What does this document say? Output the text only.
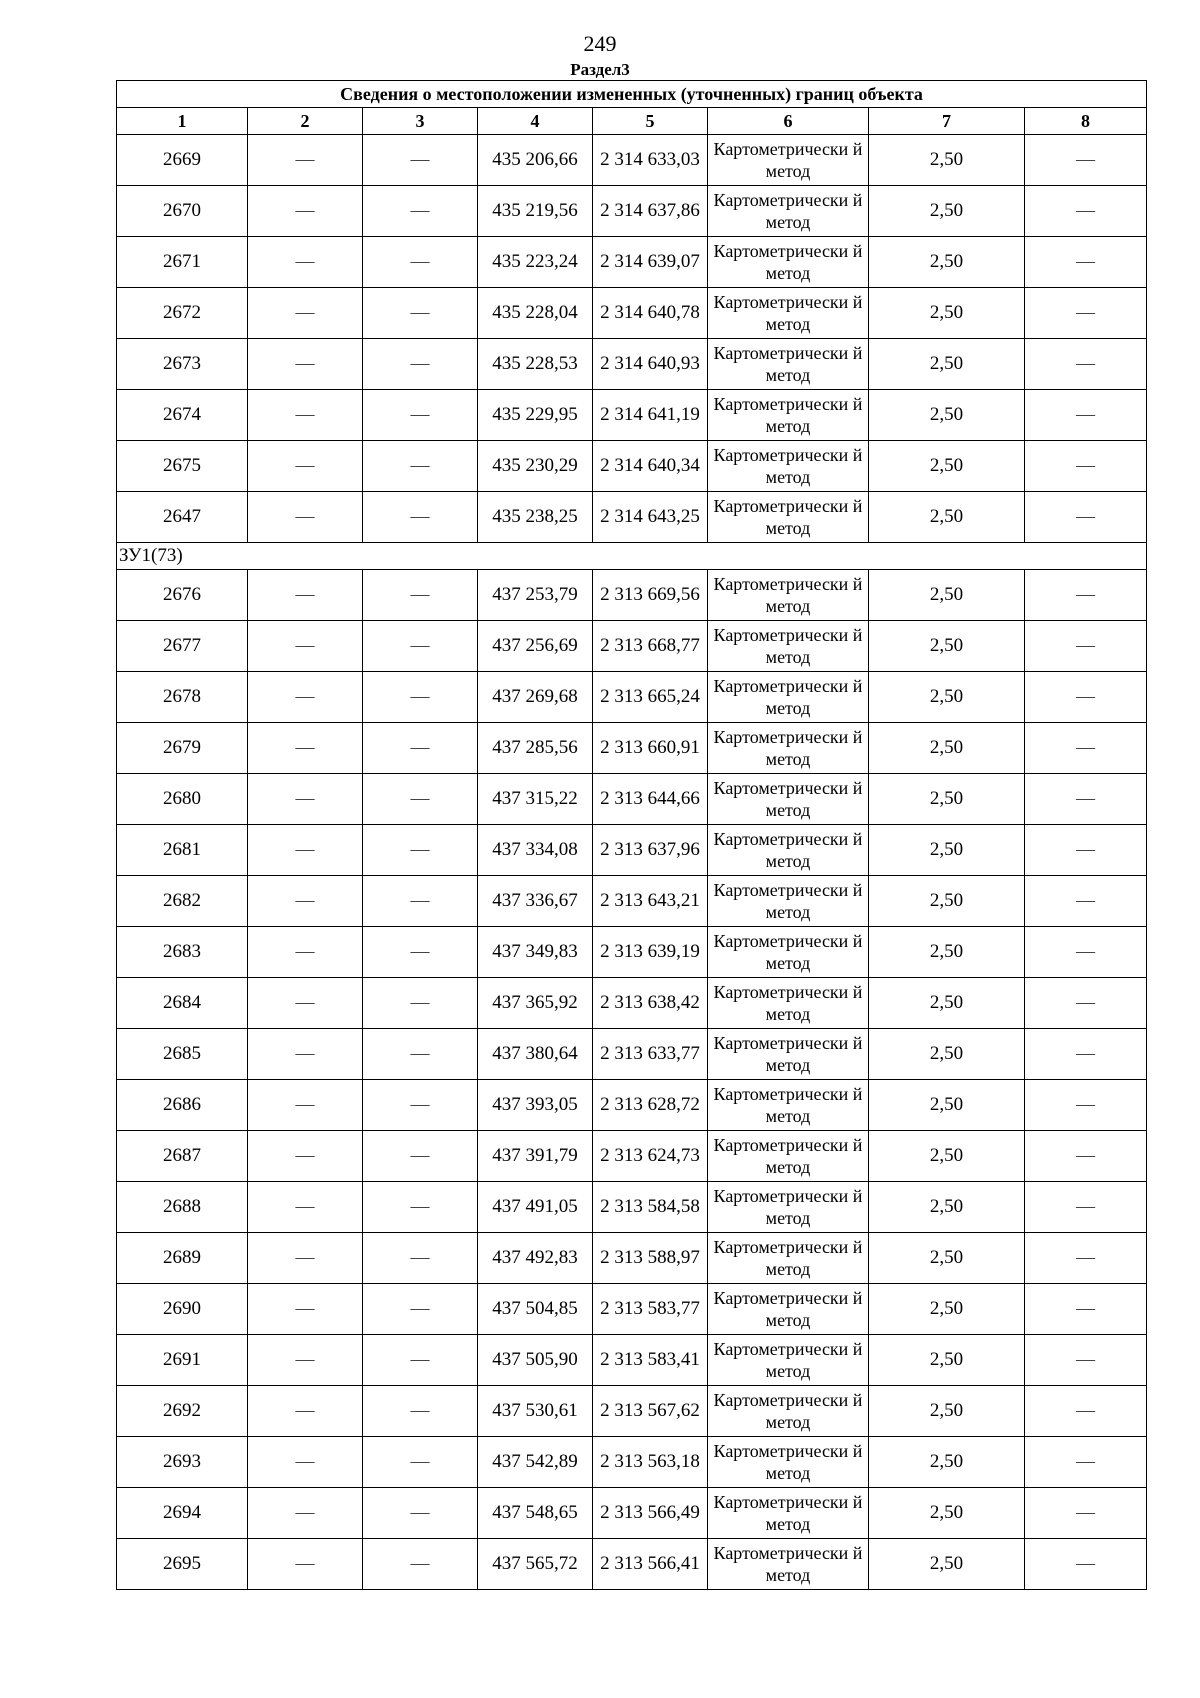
249
Раздел3
Сведения о местоположении измененных (уточненных) границ объекта							
1	2	3	4	5	6	7	8
2669	—	—	435 206,66	2 314 633,03	Картометрически й метод	2,50	—
2670	—	—	435 219,56	2 314 637,86	Картометрически й метод	2,50	—
2671	—	—	435 223,24	2 314 639,07	Картометрически й метод	2,50	—
2672	—	—	435 228,04	2 314 640,78	Картометрически й метод	2,50	—
2673	—	—	435 228,53	2 314 640,93	Картометрически й метод	2,50	—
2674	—	—	435 229,95	2 314 641,19	Картометрически й метод	2,50	—
2675	—	—	435 230,29	2 314 640,34	Картометрически й метод	2,50	—
2647	—	—	435 238,25	2 314 643,25	Картометрически й метод	2,50	—
ЗУ1(73)							
2676	—	—	437 253,79	2 313 669,56	Картометрически й метод	2,50	—
2677	—	—	437 256,69	2 313 668,77	Картометрически й метод	2,50	—
2678	—	—	437 269,68	2 313 665,24	Картометрически й метод	2,50	—
2679	—	—	437 285,56	2 313 660,91	Картометрически й метод	2,50	—
2680	—	—	437 315,22	2 313 644,66	Картометрически й метод	2,50	—
2681	—	—	437 334,08	2 313 637,96	Картометрически й метод	2,50	—
2682	—	—	437 336,67	2 313 643,21	Картометрически й метод	2,50	—
2683	—	—	437 349,83	2 313 639,19	Картометрически й метод	2,50	—
2684	—	—	437 365,92	2 313 638,42	Картометрически й метод	2,50	—
2685	—	—	437 380,64	2 313 633,77	Картометрически й метод	2,50	—
2686	—	—	437 393,05	2 313 628,72	Картометрически й метод	2,50	—
2687	—	—	437 391,79	2 313 624,73	Картометрически й метод	2,50	—
2688	—	—	437 491,05	2 313 584,58	Картометрически й метод	2,50	—
2689	—	—	437 492,83	2 313 588,97	Картометрически й метод	2,50	—
2690	—	—	437 504,85	2 313 583,77	Картометрически й метод	2,50	—
2691	—	—	437 505,90	2 313 583,41	Картометрически й метод	2,50	—
2692	—	—	437 530,61	2 313 567,62	Картометрически й метод	2,50	—
2693	—	—	437 542,89	2 313 563,18	Картометрически й метод	2,50	—
2694	—	—	437 548,65	2 313 566,49	Картометрически й метод	2,50	—
2695	—	—	437 565,72	2 313 566,41	Картометрически й метод	2,50	—
